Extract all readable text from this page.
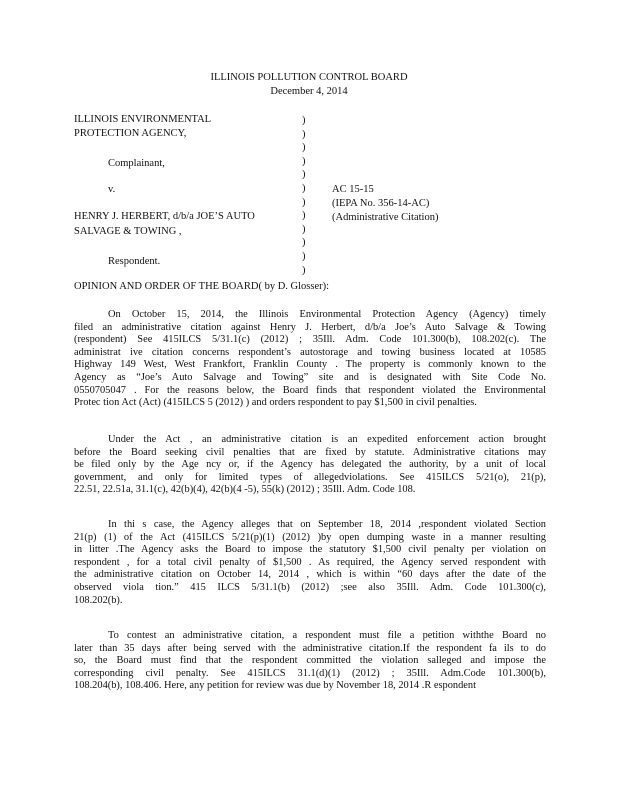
ILLINOIS POLLUTION CONTROL BOARD
December 4, 2014
ILLINOIS ENVIRONMENTAL
PROTECTION AGENCY,
Complainant,
v.
HENRY J. HERBERT, d/b/a JOE’S AUTO
SALVAGE & TOWING ,
Respondent.
)
)
)
)
)
)
)
)
)
)
)
)
AC 15-15
(IEPA No. 356-14-AC)
(Administrative Citation)
OPINION AND ORDER OF THE BOARD( by D. Glosser):
On October 15, 2014, the Illinois Environmental Protection Agency (Agency) timely
filed an administrative citation against Henry J. Herbert, d/b/a Joe’s Auto Salvage & Towing
(respondent) See 415ILCS 5/31.1(c) (2012) ; 35Ill. Adm. Code 101.300(b), 108.202(c). The
administrat ive citation concerns respondent’s autostorage and towing business located at 10585
Highway 149 West, West Frankfort, Franklin County . The property is commonly known to the
Agency as “Joe’s Auto Salvage and Towing” site and is designated with Site Code No.
0550705047 . For the reasons below, the Board finds that respondent violated the Environmental
Protec tion Act (Act) (415ILCS 5 (2012) ) and orders respondent to pay $1,500 in civil penalties.
Under the Act , an administrative citation is an expedited enforcement action brought
before the Board seeking civil penalties that are fixed by statute. Administrative citations may
be filed only by the Age ncy or, if the Agency has delegated the authority, by a unit of local
government, and only for limited types of allegedviolations. See 415ILCS 5/21(o), 21(p),
22.51, 22.51a, 31.1(c), 42(b)(4), 42(b)(4 -5), 55(k) (2012) ; 35Ill. Adm. Code 108.
In thi s case, the Agency alleges that on September 18, 2014 ,respondent violated Section
21(p) (1) of the Act (415ILCS 5/21(p)(1) (2012) )by open dumping waste in a manner resulting
in litter .The Agency asks the Board to impose the statutory $1,500 civil penalty per violation on
respondent , for a total civil penalty of $1,500 . As required, the Agency served respondent with
the administrative citation on October 14, 2014 , which is within “60 days after the date of the
observed viola tion.” 415 ILCS 5/31.1(b) (2012) ;see also 35Ill. Adm. Code 101.300(c),
108.202(b).
To contest an administrative citation, a respondent must file a petition withthe Board no
later than 35 days after being served with the administrative citation.If the respondent fa ils to do
so, the Board must find that the respondent committed the violation salleged and impose the
corresponding civil penalty. See 415ILCS 31.1(d)(1) (2012) ; 35Ill. Adm.Code 101.300(b),
108.204(b), 108.406. Here, any petition for review was due by November 18, 2014 .R espondent
